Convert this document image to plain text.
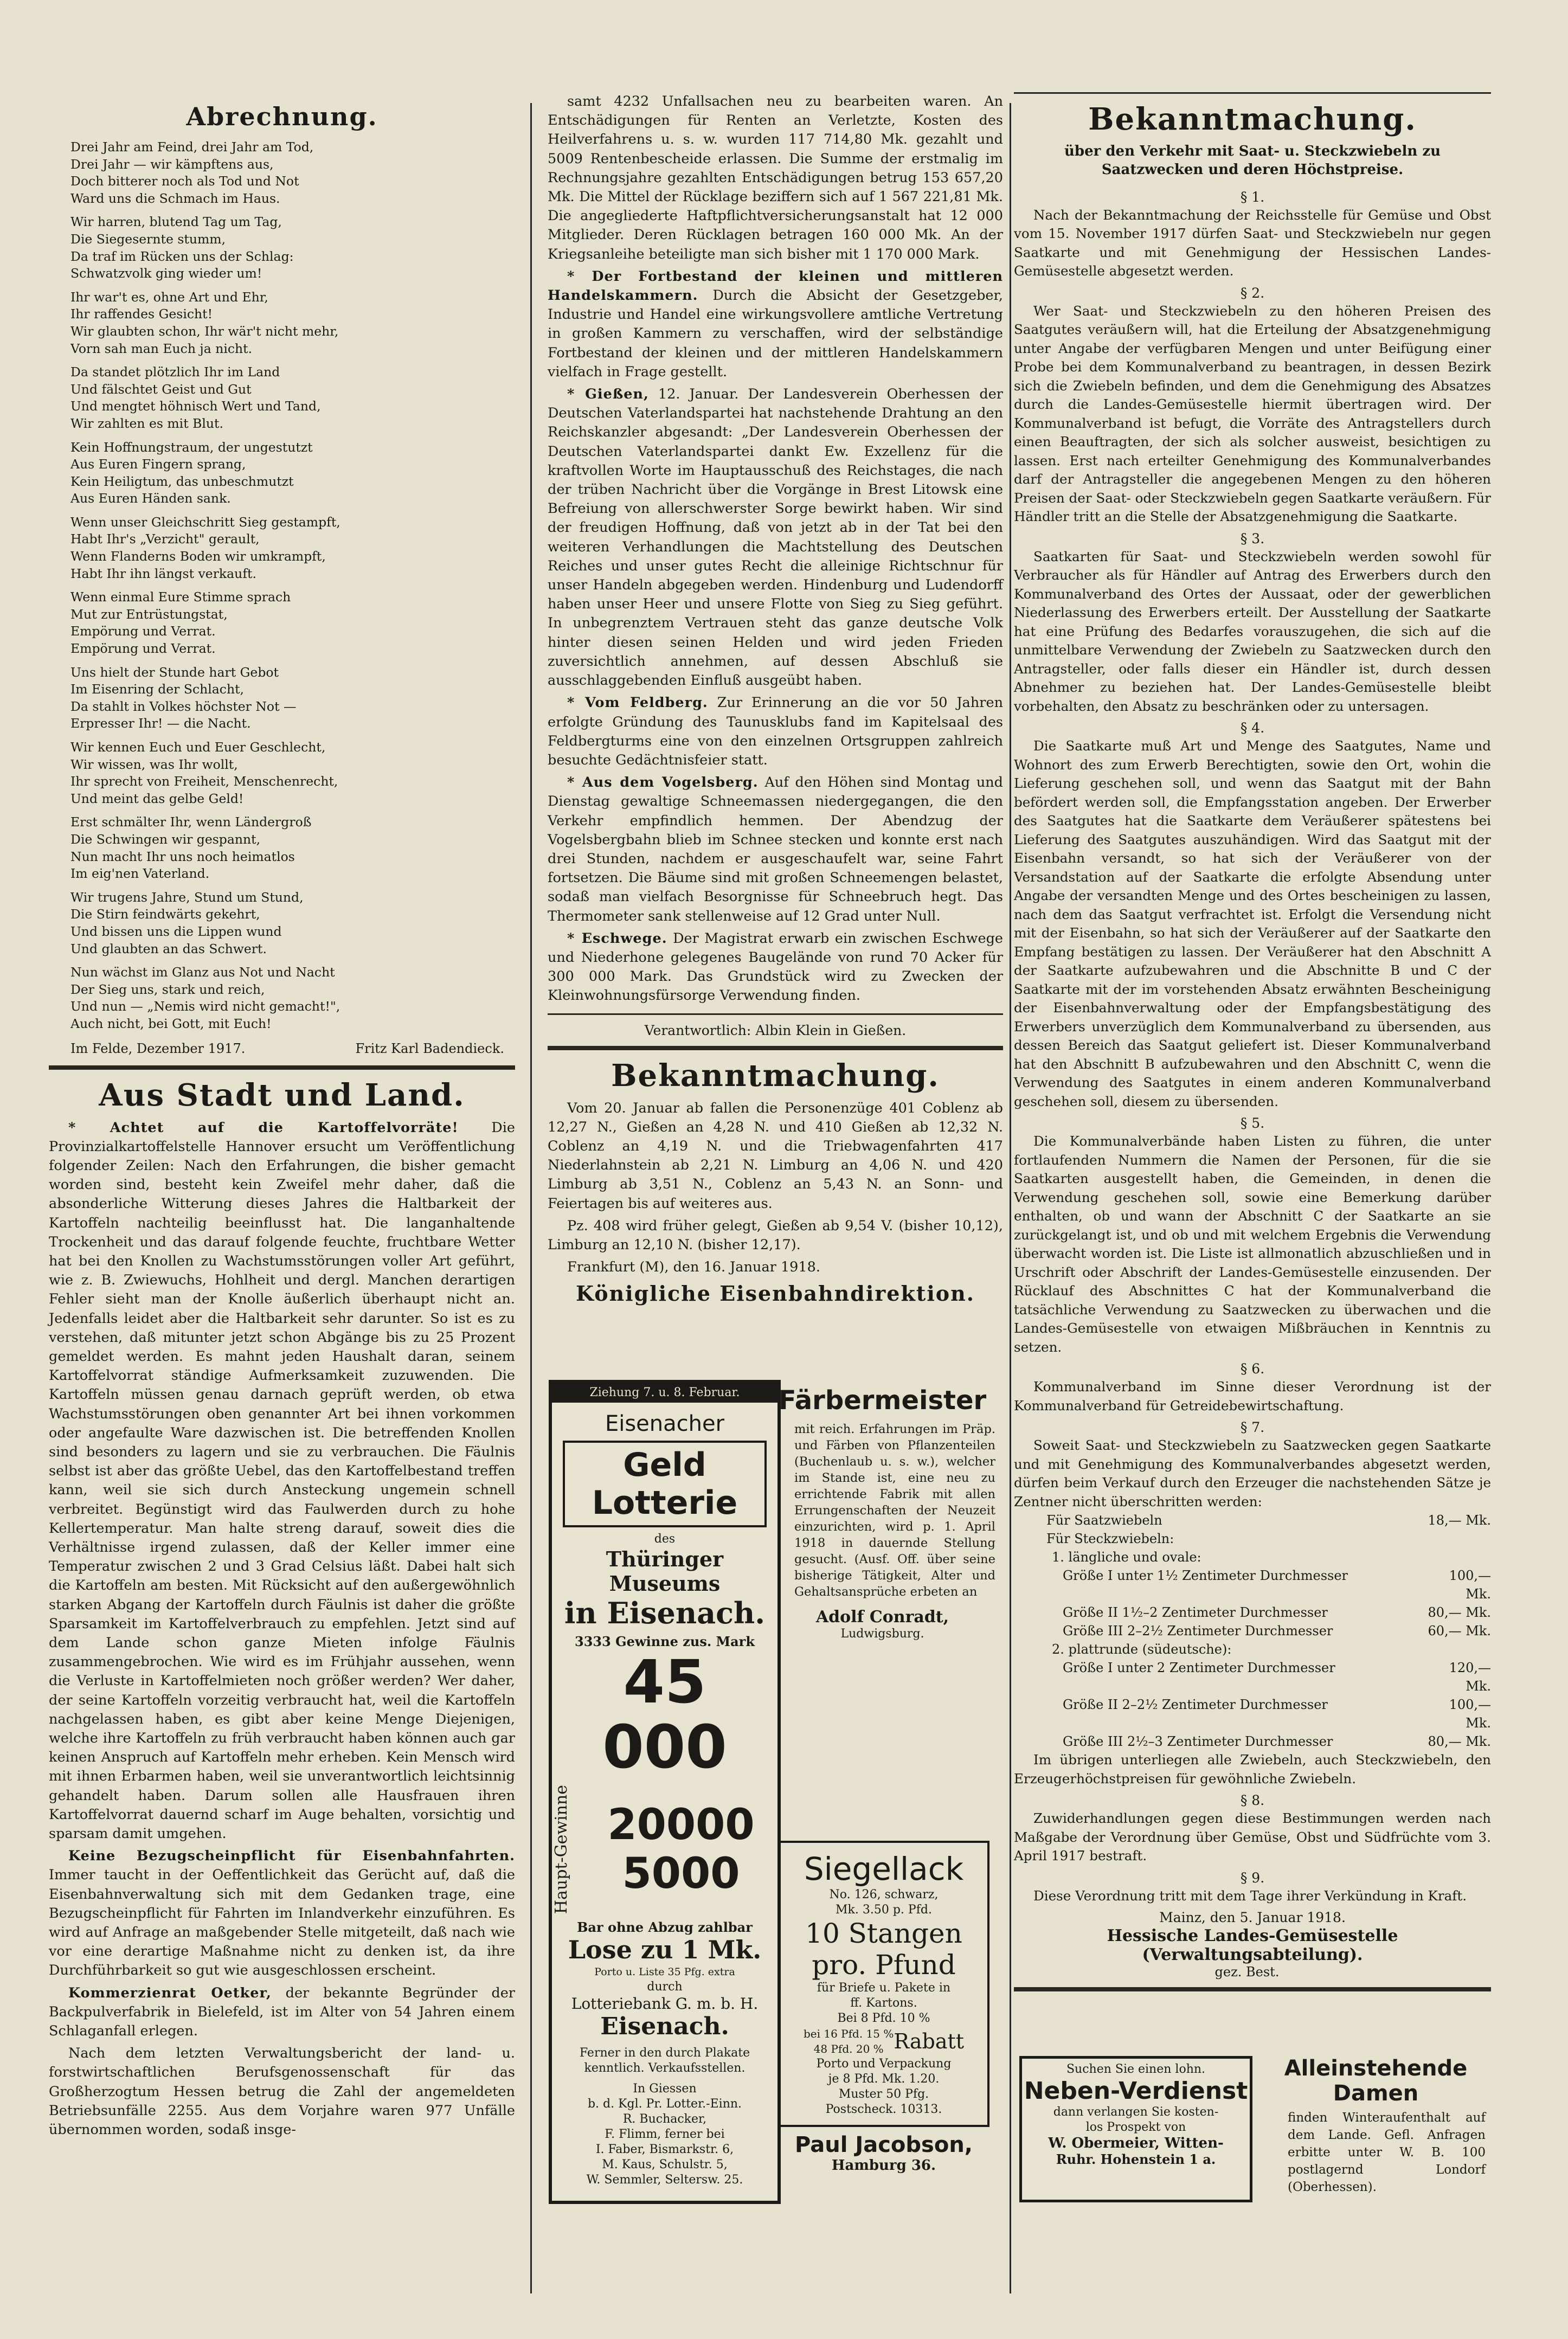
Abrechnung.
Drei Jahr am Feind, drei Jahr am Tod,
Drei Jahr — wir kämpftens aus,
Doch bitterer noch als Tod und Not
Ward uns die Schmach im Haus.
Wir harren, blutend Tag um Tag,
Die Siegesernte stumm,
Da traf im Rücken uns der Schlag:
Schwatzvolk ging wieder um!
Ihr war't es, ohne Art und Ehr,
Ihr raffendes Gesicht!
Wir glaubten schon, Ihr wär't nicht mehr,
Vorn sah man Euch ja nicht.
Da standet plötzlich Ihr im Land
Und fälschtet Geist und Gut
Und mengtet höhnisch Wert und Tand,
Wir zahlten es mit Blut.
Kein Hoffnungstraum, der ungestutzt
Aus Euren Fingern sprang,
Kein Heiligtum, das unbeschmutzt
Aus Euren Händen sank.
Wenn unser Gleichschritt Sieg gestampft,
Habt Ihr's „Verzicht" gerault,
Wenn Flanderns Boden wir umkrampft,
Habt Ihr ihn längst verkauft.
Wenn einmal Eure Stimme sprach
Mut zur Entrüstungstat,
Empörung und Verrat.
Empörung und Verrat.
Uns hielt der Stunde hart Gebot
Im Eisenring der Schlacht,
Da stahlt in Volkes höchster Not —
Erpresser Ihr! — die Nacht.
Wir kennen Euch und Euer Geschlecht,
Wir wissen, was Ihr wollt,
Ihr sprecht von Freiheit, Menschenrecht,
Und meint das gelbe Geld!
Erst schmälter Ihr, wenn Ländergroß
Die Schwingen wir gespannt,
Nun macht Ihr uns noch heimatlos
Im eig'nen Vaterland.
Wir trugens Jahre, Stund um Stund,
Die Stirn feindwärts gekehrt,
Und bissen uns die Lippen wund
Und glaubten an das Schwert.
Nun wächst im Glanz aus Not und Nacht
Der Sieg uns, stark und reich,
Und nun — „Nemis wird nicht gemacht!",
Auch nicht, bei Gott, mit Euch!
Im Felde, Dezember 1917.	Fritz Karl Badendieck.
Aus Stadt und Land.

* Achtet auf die Kartoffelvorräte! Die Provinzialkartoffelstelle Hannover ersucht um Veröffentlichung folgender Zeilen: Nach den Erfahrungen, die bisher gemacht worden sind, besteht kein Zweifel mehr daher, daß die absonderliche Witterung dieses Jahres die Haltbarkeit der Kartoffeln nachteilig beeinflusst hat. Die langanhaltende Trockenheit und das darauf folgende feuchte, fruchtbare Wetter hat bei den Knollen zu Wachstumsstörungen voller Art geführt, wie z. B. Zwiewuchs, Hohlheit und dergl. Manchen derartigen Fehler sieht man der Knolle äußerlich überhaupt nicht an. Jedenfalls leidet aber die Haltbarkeit sehr darunter. So ist es zu verstehen, daß mitunter jetzt schon Abgänge bis zu 25 Prozent gemeldet werden. Es mahnt jeden Haushalt daran, seinem Kartoffelvorrat ständige Aufmerksamkeit zuzuwenden. Die Kartoffeln müssen genau darnach geprüft werden, ob etwa Wachstumsstörungen oben genannter Art bei ihnen vorkommen oder angefaulte Ware dazwischen ist. Die betreffenden Knollen sind besonders zu lagern und sie zu verbrauchen. Die Fäulnis selbst ist aber das größte Uebel, das den Kartoffelbestand treffen kann, weil sie sich durch Ansteckung ungemein schnell verbreitet. Begünstigt wird das Faulwerden durch zu hohe Kellertemperatur. Man halte streng darauf, soweit dies die Verhältnisse irgend zulassen, daß der Keller immer eine Temperatur zwischen 2 und 3 Grad Celsius läßt. Dabei halt sich die Kartoffeln am besten. Mit Rücksicht auf den außergewöhnlich starken Abgang der Kartoffeln durch Fäulnis ist daher die größte Sparsamkeit im Kartoffelverbrauch zu empfehlen. Jetzt sind auf dem Lande schon ganze Mieten infolge Fäulnis zusammengebrochen. Wie wird es im Frühjahr aussehen, wenn die Verluste in Kartoffelmieten noch größer werden? Wer daher, der seine Kartoffeln vorzeitig verbraucht hat, weil die Kartoffeln nachgelassen haben, es gibt aber keine Menge Diejenigen, welche ihre Kartoffeln zu früh verbraucht haben können auch gar keinen Anspruch auf Kartoffeln mehr erheben. Kein Mensch wird mit ihnen Erbarmen haben, weil sie unverantwortlich leichtsinnig gehandelt haben. Darum sollen alle Hausfrauen ihren Kartoffelvorrat dauernd scharf im Auge behalten, vorsichtig und sparsam damit umgehen.

Keine Bezugscheinpflicht für Eisenbahnfahrten. Immer taucht in der Oeffentlichkeit das Gerücht auf, daß die Eisenbahnverwaltung sich mit dem Gedanken trage, eine Bezugscheinpflicht für Fahrten im Inlandverkehr einzuführen. Es wird auf Anfrage an maßgebender Stelle mitgeteilt, daß nach wie vor eine derartige Maßnahme nicht zu denken ist, da ihre Durchführbarkeit so gut wie ausgeschlossen erscheint.

Kommerzienrat Oetker, der bekannte Begründer der Backpulverfabrik in Bielefeld, ist im Alter von 54 Jahren einem Schlaganfall erlegen.

Nach dem letzten Verwaltungsbericht der land- u. forstwirtschaftlichen Berufsgenossenschaft für das Großherzogtum Hessen betrug die Zahl der angemeldeten Betriebsunfälle 2255. Aus dem Vorjahre waren 977 Unfälle übernommen worden, sodaß insge-

samt 4232 Unfallsachen neu zu bearbeiten waren. An Entschädigungen für Renten an Verletzte, Kosten des Heilverfahrens u. s. w. wurden 117 714,80 Mk. gezahlt und 5009 Rentenbescheide erlassen. Die Summe der erstmalig im Rechnungsjahre gezahlten Entschädigungen betrug 153 657,20 Mk. Die Mittel der Rücklage beziffern sich auf 1 567 221,81 Mk. Die angegliederte Haftpflichtversicherungsanstalt hat 12 000 Mitglieder. Deren Rücklagen betragen 160 000 Mk. An der Kriegsanleihe beteiligte man sich bisher mit 1 170 000 Mark.

* Der Fortbestand der kleinen und mittleren Handelskammern. Durch die Absicht der Gesetzgeber, Industrie und Handel eine wirkungsvollere amtliche Vertretung in großen Kammern zu verschaffen, wird der selbständige Fortbestand der kleinen und der mittleren Handelskammern vielfach in Frage gestellt.

* Gießen, 12. Januar. Der Landesverein Oberhessen der Deutschen Vaterlandspartei hat nachstehende Drahtung an den Reichskanzler abgesandt: „Der Landesverein Oberhessen der Deutschen Vaterlandspartei dankt Ew. Exzellenz für die kraftvollen Worte im Hauptausschuß des Reichstages, die nach der trüben Nachricht über die Vorgänge in Brest Litowsk eine Befreiung von allerschwerster Sorge bewirkt haben. Wir sind der freudigen Hoffnung, daß von jetzt ab in der Tat bei den weiteren Verhandlungen die Machtstellung des Deutschen Reiches und unser gutes Recht die alleinige Richtschnur für unser Handeln abgegeben werden. Hindenburg und Ludendorff haben unser Heer und unsere Flotte von Sieg zu Sieg geführt. In unbegrenztem Vertrauen steht das ganze deutsche Volk hinter diesen seinen Helden und wird jeden Frieden zuversichtlich annehmen, auf dessen Abschluß sie ausschlaggebenden Einfluß ausgeübt haben.

* Vom Feldberg. Zur Erinnerung an die vor 50 Jahren erfolgte Gründung des Taunusklubs fand im Kapitelsaal des Feldbergturms eine von den einzelnen Ortsgruppen zahlreich besuchte Gedächtnisfeier statt.

* Aus dem Vogelsberg. Auf den Höhen sind Montag und Dienstag gewaltige Schneemassen niedergegangen, die den Verkehr empfindlich hemmen. Der Abendzug der Vogelsbergbahn blieb im Schnee stecken und konnte erst nach drei Stunden, nachdem er ausgeschaufelt war, seine Fahrt fortsetzen. Die Bäume sind mit großen Schneemengen belastet, sodaß man vielfach Besorgnisse für Schneebruch hegt. Das Thermometer sank stellenweise auf 12 Grad unter Null.

* Eschwege. Der Magistrat erwarb ein zwischen Eschwege und Niederhone gelegenes Baugelände von rund 70 Acker für 300 000 Mark. Das Grundstück wird zu Zwecken der Kleinwohnungsfürsorge Verwendung finden.

Verantwortlich: Albin Klein in Gießen.
Bekanntmachung.

Vom 20. Januar ab fallen die Personenzüge 401 Coblenz ab 12,27 N., Gießen an 4,28 N. und 410 Gießen ab 12,32 N. Coblenz an 4,19 N. und die Triebwagenfahrten 417 Niederlahnstein ab 2,21 N. Limburg an 4,06 N. und 420 Limburg ab 3,51 N., Coblenz an 5,43 N. an Sonn- und Feiertagen bis auf weiteres aus.

Pz. 408 wird früher gelegt, Gießen ab 9,54 V. (bisher 10,12), Limburg an 12,10 N. (bisher 12,17).

Frankfurt (M), den 16. Januar 1918.

Königliche Eisenbahndirektion.
Ziehung 7. u. 8. Februar.
Eisenacher
Geld Lotterie
des
Thüringer Museums
in Eisenach.
3333 Gewinne zus. Mark
45 000
Haupt-Gewinne 20000
5000
Bar ohne Abzug zahlbar
Lose zu 1 Mk.
Porto u. Liste 35 Pfg. extra
durch
Lotteriebank G. m. b. H.
Eisenach.
Ferner in den durch Plakate kenntlich. Verkaufsstellen.
In Giessen
b. d. Kgl. Pr. Lotter.-Einn.
R. Buchacker,
F. Flimm, ferner bei
I. Faber, Bismarkstr. 6,
M. Kaus, Schulstr. 5,
W. Semmler, Seltersw. 25.
Färbermeister
mit reich. Erfahrungen im Präp. und Färben von Pflanzenteilen (Buchenlaub u. s. w.), welcher im Stande ist, eine neu zu errichtende Fabrik mit allen Errungenschaften der Neuzeit einzurichten, wird p. 1. April 1918 in dauernde Stellung gesucht. (Ausf. Off. über seine bisherige Tätigkeit, Alter und Gehaltsansprüche erbeten an
Adolf Conradt,
Ludwigsburg.
Siegellack
No. 126, schwarz,
Mk. 3.50 p. Pfd.
10 Stangen
pro. Pfund
für Briefe u. Pakete in
ff. Kartons.
Bei 8 Pfd. 10 %
bei 16 Pfd. 15 %
48 Pfd. 20 % Rabatt
Porto und Verpackung
je 8 Pfd. Mk. 1.20.
Muster 50 Pfg.
Postscheck. 10313.
Paul Jacobson,
Hamburg 36.
Bekanntmachung.
über den Verkehr mit Saat- u. Steckzwiebeln zu Saatzwecken und deren Höchstpreise.
§ 1.

Nach der Bekanntmachung der Reichsstelle für Gemüse und Obst vom 15. November 1917 dürfen Saat- und Steckzwiebeln nur gegen Saatkarte und mit Genehmigung der Hessischen Landes-Gemüsestelle abgesetzt werden.

§ 2.

Wer Saat- und Steckzwiebeln zu den höheren Preisen des Saatgutes veräußern will, hat die Erteilung der Absatzgenehmigung unter Angabe der verfügbaren Mengen und unter Beifügung einer Probe bei dem Kommunalverband zu beantragen, in dessen Bezirk sich die Zwiebeln befinden, und dem die Genehmigung des Absatzes durch die Landes-Gemüsestelle hiermit übertragen wird. Der Kommunalverband ist befugt, die Vorräte des Antragstellers durch einen Beauftragten, der sich als solcher ausweist, besichtigen zu lassen. Erst nach erteilter Genehmigung des Kommunalverbandes darf der Antragsteller die angegebenen Mengen zu den höheren Preisen der Saat- oder Steckzwiebeln gegen Saatkarte veräußern. Für Händler tritt an die Stelle der Absatzgenehmigung die Saatkarte.

§ 3.

Saatkarten für Saat- und Steckzwiebeln werden sowohl für Verbraucher als für Händler auf Antrag des Erwerbers durch den Kommunalverband des Ortes der Aussaat, oder der gewerblichen Niederlassung des Erwerbers erteilt. Der Ausstellung der Saatkarte hat eine Prüfung des Bedarfes vorauszugehen, die sich auf die unmittelbare Verwendung der Zwiebeln zu Saatzwecken durch den Antragsteller, oder falls dieser ein Händler ist, durch dessen Abnehmer zu beziehen hat. Der Landes-Gemüsestelle bleibt vorbehalten, den Absatz zu beschränken oder zu untersagen.

§ 4.

Die Saatkarte muß Art und Menge des Saatgutes, Name und Wohnort des zum Erwerb Berechtigten, sowie den Ort, wohin die Lieferung geschehen soll, und wenn das Saatgut mit der Bahn befördert werden soll, die Empfangsstation angeben. Der Erwerber des Saatgutes hat die Saatkarte dem Veräußerer spätestens bei Lieferung des Saatgutes auszuhändigen. Wird das Saatgut mit der Eisenbahn versandt, so hat sich der Veräußerer von der Versandstation auf der Saatkarte die erfolgte Absendung unter Angabe der versandten Menge und des Ortes bescheinigen zu lassen, nach dem das Saatgut verfrachtet ist. Erfolgt die Versendung nicht mit der Eisenbahn, so hat sich der Veräußerer auf der Saatkarte den Empfang bestätigen zu lassen. Der Veräußerer hat den Abschnitt A der Saatkarte aufzubewahren und die Abschnitte B und C der Saatkarte mit der im vorstehenden Absatz erwähnten Bescheinigung der Eisenbahnverwaltung oder der Empfangsbestätigung des Erwerbers unverzüglich dem Kommunalverband zu übersenden, aus dessen Bereich das Saatgut geliefert ist. Dieser Kommunalverband hat den Abschnitt B aufzubewahren und den Abschnitt C, wenn die Verwendung des Saatgutes in einem anderen Kommunalverband geschehen soll, diesem zu übersenden.

§ 5.

Die Kommunalverbände haben Listen zu führen, die unter fortlaufenden Nummern die Namen der Personen, für die sie Saatkarten ausgestellt haben, die Gemeinden, in denen die Verwendung geschehen soll, sowie eine Bemerkung darüber enthalten, ob und wann der Abschnitt C der Saatkarte an sie zurückgelangt ist, und ob und mit welchem Ergebnis die Verwendung überwacht worden ist. Die Liste ist allmonatlich abzuschließen und in Urschrift oder Abschrift der Landes-Gemüsestelle einzusenden. Der Rücklauf des Abschnittes C hat der Kommunalverband die tatsächliche Verwendung zu Saatzwecken zu überwachen und die Landes-Gemüsestelle von etwaigen Mißbräuchen in Kenntnis zu setzen.

§ 6.

Kommunalverband im Sinne dieser Verordnung ist der Kommunalverband für Getreidebewirtschaftung.

§ 7.

Soweit Saat- und Steckzwiebeln zu Saatzwecken gegen Saatkarte und mit Genehmigung des Kommunalverbandes abgesetzt werden, dürfen beim Verkauf durch den Erzeuger die nachstehenden Sätze je Zentner nicht überschritten werden:

Für Saatzwiebeln	18,— Mk.
Für Steckzwiebeln:
1. längliche und ovale:
Größe I unter 1½ Zentimeter Durchmesser	100,— Mk.
Größe II 1½–2 Zentimeter Durchmesser	80,— Mk.
Größe III 2–2½ Zentimeter Durchmesser	60,— Mk.
2. plattrunde (südeutsche):
Größe I unter 2 Zentimeter Durchmesser	120,— Mk.
Größe II 2–2½ Zentimeter Durchmesser	100,— Mk.
Größe III 2½–3 Zentimeter Durchmesser	80,— Mk.

Im übrigen unterliegen alle Zwiebeln, auch Steckzwiebeln, den Erzeugerhöchstpreisen für gewöhnliche Zwiebeln.

§ 8.

Zuwiderhandlungen gegen diese Bestimmungen werden nach Maßgabe der Verordnung über Gemüse, Obst und Südfrüchte vom 3. April 1917 bestraft.

§ 9.

Diese Verordnung tritt mit dem Tage ihrer Verkündung in Kraft.

Mainz, den 5. Januar 1918.
Hessische Landes-Gemüsestelle (Verwaltungsabteilung).
gez. Best.
Suchen Sie einen lohn.
Neben-Verdienst
dann verlangen Sie kosten-
los Prospekt von
W. Obermeier, Witten-
Ruhr. Hohenstein 1 a.
Alleinstehende Damen
finden Winteraufenthalt auf dem Lande. Gefl. Anfragen erbitte unter W. B. 100 postlagernd Londorf (Oberhessen).
